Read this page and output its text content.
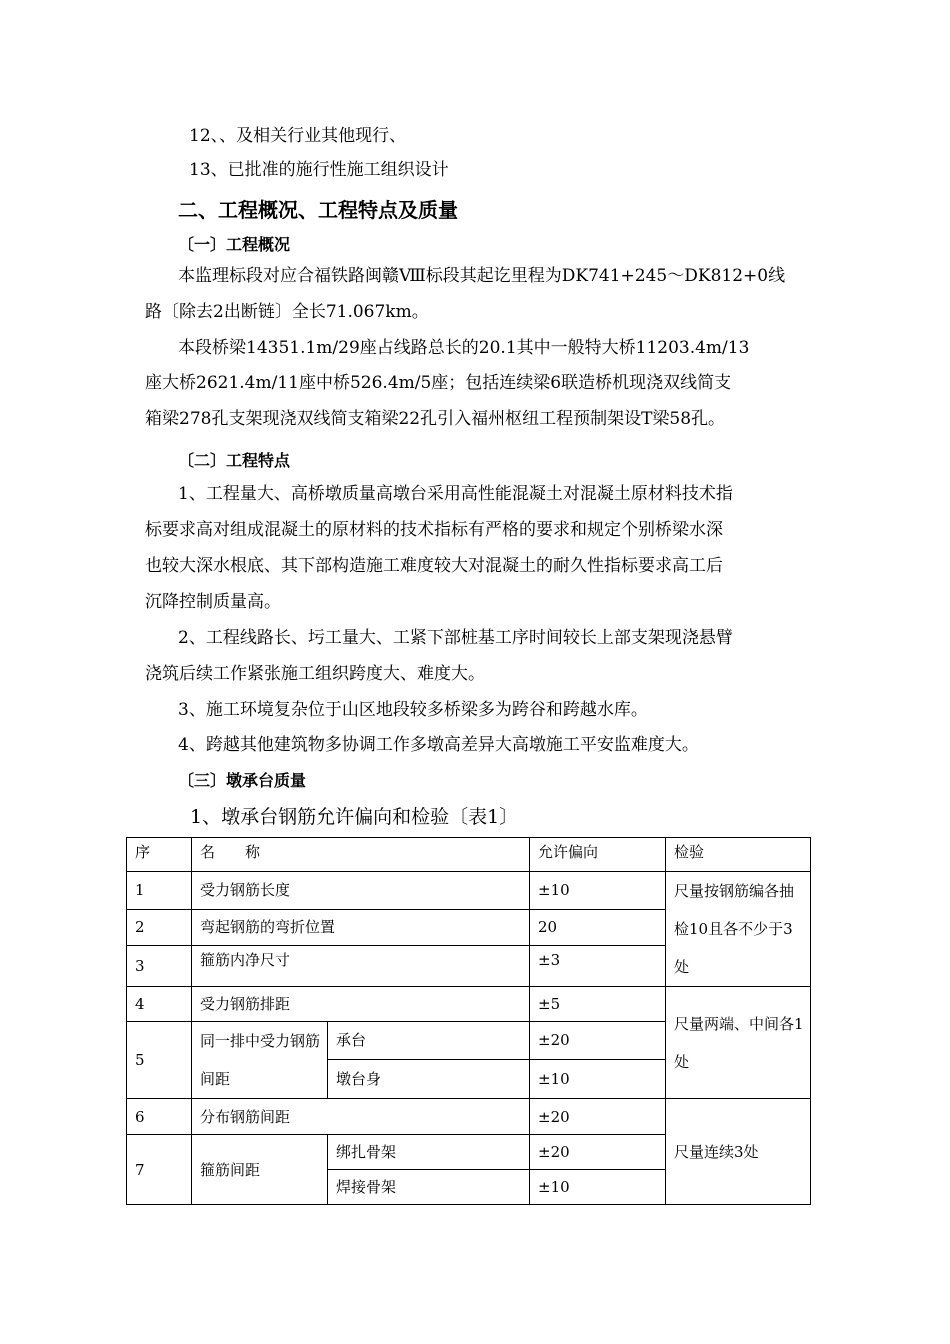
12、、及相关行业其他现行、
13、已批准的施行性施工组织设计
二、工程概况、工程特点及质量
〔一〕工程概况
本监理标段对应合福铁路闽赣Ⅷ标段其起讫里程为DK741+245～DK812+0线
路〔除去2出断链〕全长71.067km。
本段桥梁14351.1m/29座占线路总长的20.1其中一般特大桥11203.4m/13
座大桥2621.4m/11座中桥526.4m/5座；包括连续梁6联造桥机现浇双线简支
箱梁278孔支架现浇双线简支箱梁22孔引入福州枢纽工程预制架设T梁58孔。
〔二〕工程特点
1、工程量大、高桥墩质量高墩台采用高性能混凝土对混凝土原材料技术指
标要求高对组成混凝土的原材料的技术指标有严格的要求和规定个别桥梁水深
也较大深水根底、其下部构造施工难度较大对混凝土的耐久性指标要求高工后
沉降控制质量高。
2、工程线路长、圬工量大、工紧下部桩基工序时间较长上部支架现浇悬臂
浇筑后续工作紧张施工组织跨度大、难度大。
3、施工环境复杂位于山区地段较多桥梁多为跨谷和跨越水库。
4、跨越其他建筑物多协调工作多墩高差异大高墩施工平安监难度大。
〔三〕墩承台质量
1、墩承台钢筋允许偏向和检验〔表1〕
序	名　　称		允许偏向	检验
1	受力钢筋长度		±10	尺量按钢筋编各抽检10且各不少于3处

2	弯起钢筋的弯折位置		20	
3	箍筋内净尺寸		±3	
4	受力钢筋排距		±5	尺量两端、中间各1处

5	同一排中受力钢筋间距	承台	±20	
		墩台身	±10	
6	分布钢筋间距		±20	尺量连续3处
7	箍筋间距	绑扎骨架	±20	
		焊接骨架	±10	
